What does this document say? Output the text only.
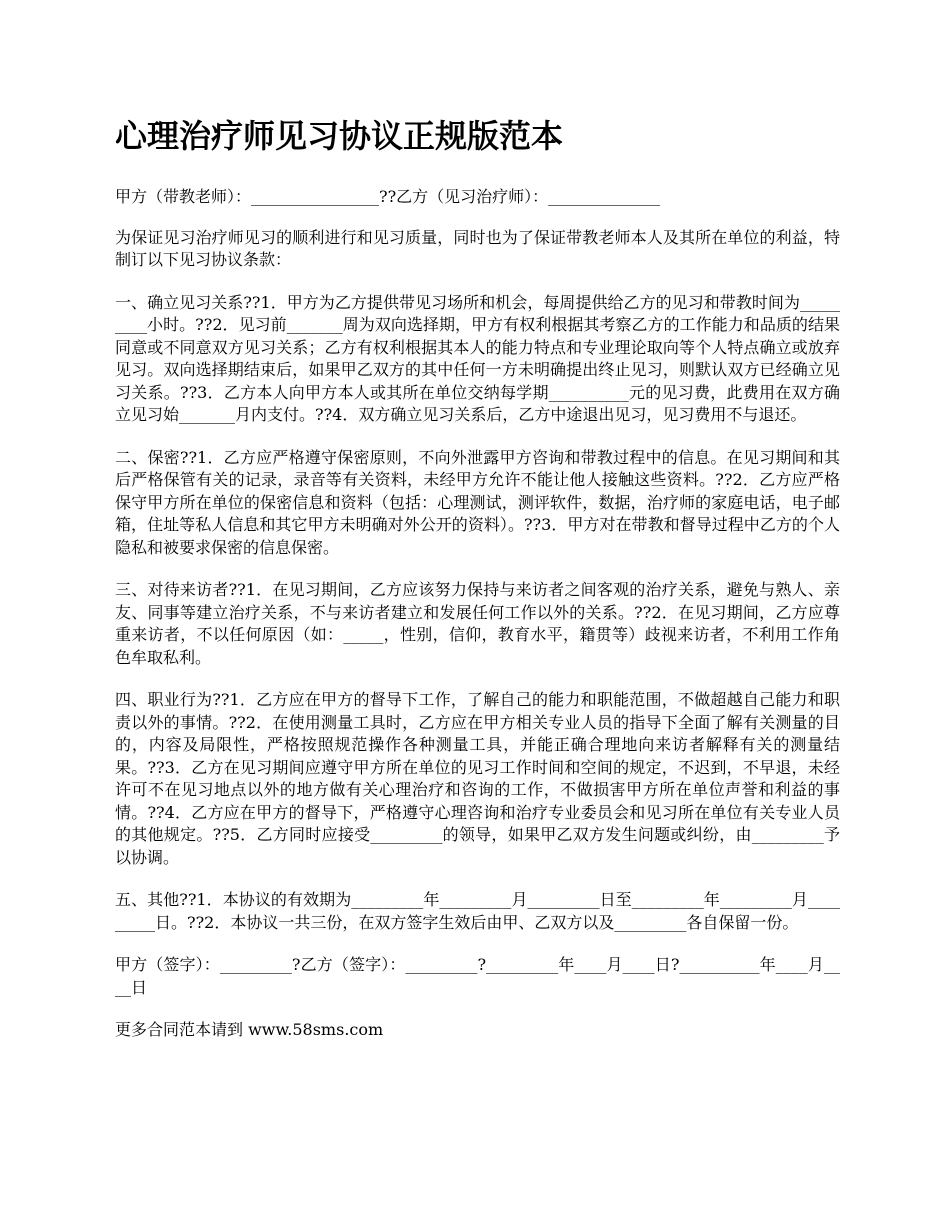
心理治疗师见习协议正规版范本

甲方（带教老师）：________________??乙方（见习治疗师）：______________

为保证见习治疗师见习的顺利进行和见习质量，同时也为了保证带教老师本人及其所在单位的利益，特制订以下见习协议条款：

一、确立见习关系??1．甲方为乙方提供带见习场所和机会，每周提供给乙方的见习和带教时间为_________小时。??2．见习前_______周为双向选择期，甲方有权利根据其考察乙方的工作能力和品质的结果同意或不同意双方见习关系；乙方有权利根据其本人的能力特点和专业理论取向等个人特点确立或放弃见习。双向选择期结束后，如果甲乙双方的其中任何一方未明确提出终止见习，则默认双方已经确立见习关系。??3．乙方本人向甲方本人或其所在单位交纳每学期__________元的见习费，此费用在双方确立见习始_______月内支付。??4．双方确立见习关系后，乙方中途退出见习，见习费用不与退还。

二、保密??1．乙方应严格遵守保密原则，不向外泄露甲方咨询和带教过程中的信息。在见习期间和其后严格保管有关的记录，录音等有关资料，未经甲方允许不能让他人接触这些资料。??2．乙方应严格保守甲方所在单位的保密信息和资料（包括：心理测试，测评软件，数据，治疗师的家庭电话，电子邮箱，住址等私人信息和其它甲方未明确对外公开的资料）。??3．甲方对在带教和督导过程中乙方的个人隐私和被要求保密的信息保密。

三、对待来访者??1．在见习期间，乙方应该努力保持与来访者之间客观的治疗关系，避免与熟人、亲友、同事等建立治疗关系，不与来访者建立和发展任何工作以外的关系。??2．在见习期间，乙方应尊重来访者，不以任何原因（如：_____，性别，信仰，教育水平，籍贯等）歧视来访者，不利用工作角色牟取私利。

四、职业行为??1．乙方应在甲方的督导下工作，了解自己的能力和职能范围，不做超越自己能力和职责以外的事情。??2．在使用测量工具时，乙方应在甲方相关专业人员的指导下全面了解有关测量的目的，内容及局限性，严格按照规范操作各种测量工具，并能正确合理地向来访者解释有关的测量结果。??3．乙方在见习期间应遵守甲方所在单位的见习工作时间和空间的规定，不迟到，不早退，未经许可不在见习地点以外的地方做有关心理治疗和咨询的工作，不做损害甲方所在单位声誉和利益的事情。??4．乙方应在甲方的督导下，严格遵守心理咨询和治疗专业委员会和见习所在单位有关专业人员的其他规定。??5．乙方同时应接受_________的领导，如果甲乙双方发生问题或纠纷，由_________予以协调。

五、其他??1．本协议的有效期为_________年_________月_________日至_________年_________月_________日。??2．本协议一共三份，在双方签字生效后由甲、乙双方以及_________各自保留一份。

甲方（签字）：_________?乙方（签字）：_________?_________年____月____日?__________年____月____日

更多合同范本请到 www.58sms.com
